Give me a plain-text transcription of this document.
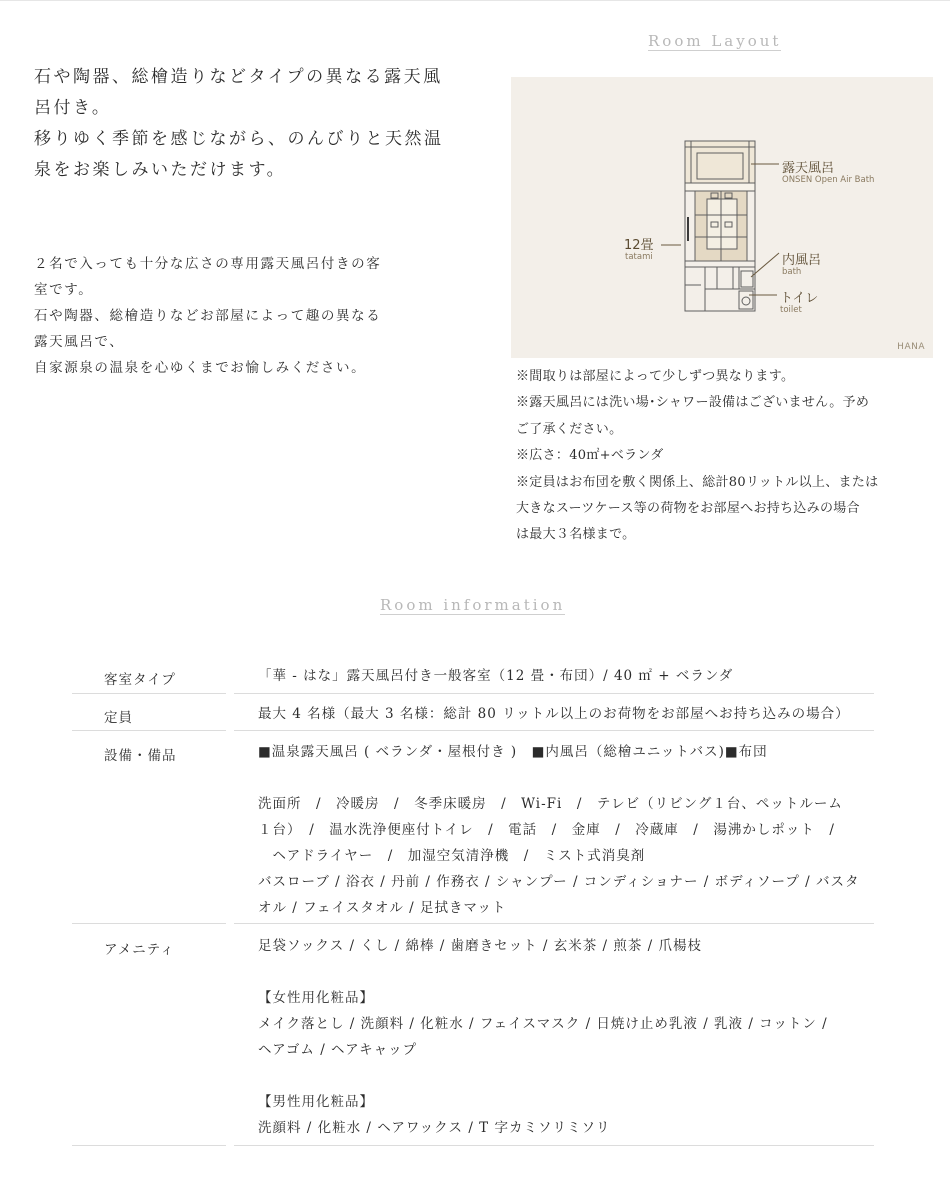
石や陶器、総檜造りなどタイプの異なる露天風
呂付き。
移りゆく季節を感じながら、のんびりと天然温
泉をお楽しみいただけます。
２名で入っても十分な広さの専用露天風呂付きの客
室です。
石や陶器、総檜造りなどお部屋によって趣の異なる
露天風呂で、
自家源泉の温泉を心ゆくまでお愉しみください。
Room Layout
露天風呂
ONSEN Open Air Bath
12畳
tatami	内風呂
bath
トイレ
toilet
HANA
※間取りは部屋によって少しずつ異なります。
※露天風呂には洗い場･シャワー設備はございません。予め
ご了承ください。
※広さ：40㎡+ベランダ
※定員はお布団を敷く関係上、総計80リットル以上、または
大きなスーツケース等の荷物をお部屋へお持ち込みの場合
は最大３名様まで。
Room information
客室タイプ	「華 - はな」露天風呂付き一般客室（12 畳・布団）/ 40 ㎡ + ベランダ
定員	最大 4 名様（最大 3 名様：総計 80 リットル以上のお荷物をお部屋へお持ち込みの場合）
設備・備品	■温泉露天風呂 ( ベランダ・屋根付き )　■内風呂（総檜ユニットバス)■布団
洗面所　/　冷暖房　/　冬季床暖房　/　Wi-Fi　/　テレビ（リビング１台、ペットルーム
１台）　/　温水洗浄便座付トイレ　/　電話　/　金庫　/　冷蔵庫　/　湯沸かしポット　/
　ヘアドライヤー　/　加湿空気清浄機　/　ミスト式消臭剤
バスローブ / 浴衣 / 丹前 / 作務衣 / シャンプー / コンディショナー / ボディソープ / バスタ
オル / フェイスタオル / 足拭きマット
アメニティ	足袋ソックス / くし / 綿棒 / 歯磨きセット / 玄米茶 / 煎茶 / 爪楊枝
【女性用化粧品】
メイク落とし / 洗顔料 / 化粧水 / フェイスマスク / 日焼け止め乳液 / 乳液 / コットン /
ヘアゴム / ヘアキャップ
【男性用化粧品】
洗顔料 / 化粧水 / ヘアワックス / T 字カミソリミソリ
